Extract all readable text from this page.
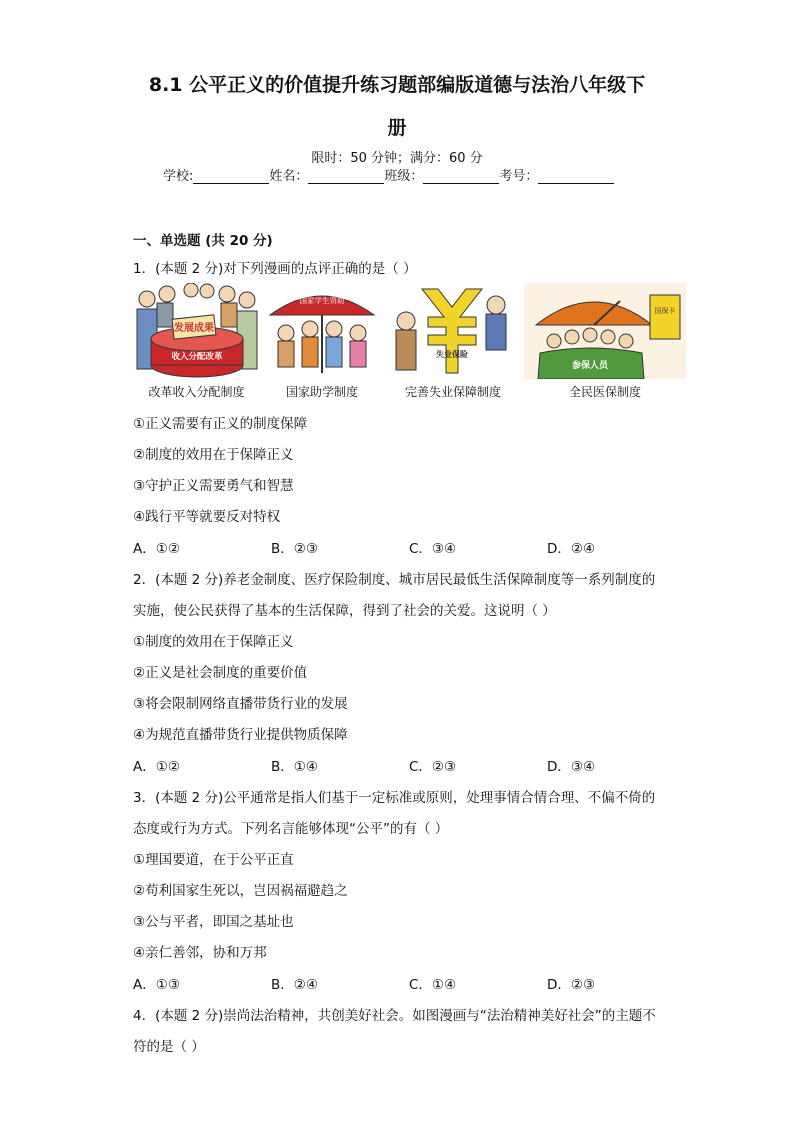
8.1 公平正义的价值提升练习题部编版道德与法治八年级下
册
限时：50 分钟；满分：60 分
学校:	姓名：	班级：	考号：
一、单选题 (共 20 分)
1．(本题 2 分)对下列漫画的点评正确的是（ ）
发展成果
收入分配改革
国家学生资助
失业保险
国保卡
参保人员
改革收入分配制度	国家助学制度	完善失业保障制度	全民医保制度
①正义需要有正义的制度保障
②制度的效用在于保障正义
③守护正义需要勇气和智慧
④践行平等就要反对特权
A．①②	B．②③	C．③④	D．②④
2．(本题 2 分)养老金制度、医疗保险制度、城市居民最低生活保障制度等一系列制度的
实施，使公民获得了基本的生活保障，得到了社会的关爱。这说明（ ）
①制度的效用在于保障正义
②正义是社会制度的重要价值
③将会限制网络直播带货行业的发展
④为规范直播带货行业提供物质保障
A．①②	B．①④	C．②③	D．③④
3．(本题 2 分)公平通常是指人们基于一定标准或原则，处理事情合情合理、不偏不倚的
态度或行为方式。下列名言能够体现“公平”的有（ ）
①理国要道，在于公平正直
②苟利国家生死以，岂因祸福避趋之
③公与平者，即国之基址也
④亲仁善邻，协和万邦
A．①③	B．②④	C．①④	D．②③
4．(本题 2 分)崇尚法治精神，共创美好社会。如图漫画与“法治精神美好社会”的主题不
符的是（ ）
